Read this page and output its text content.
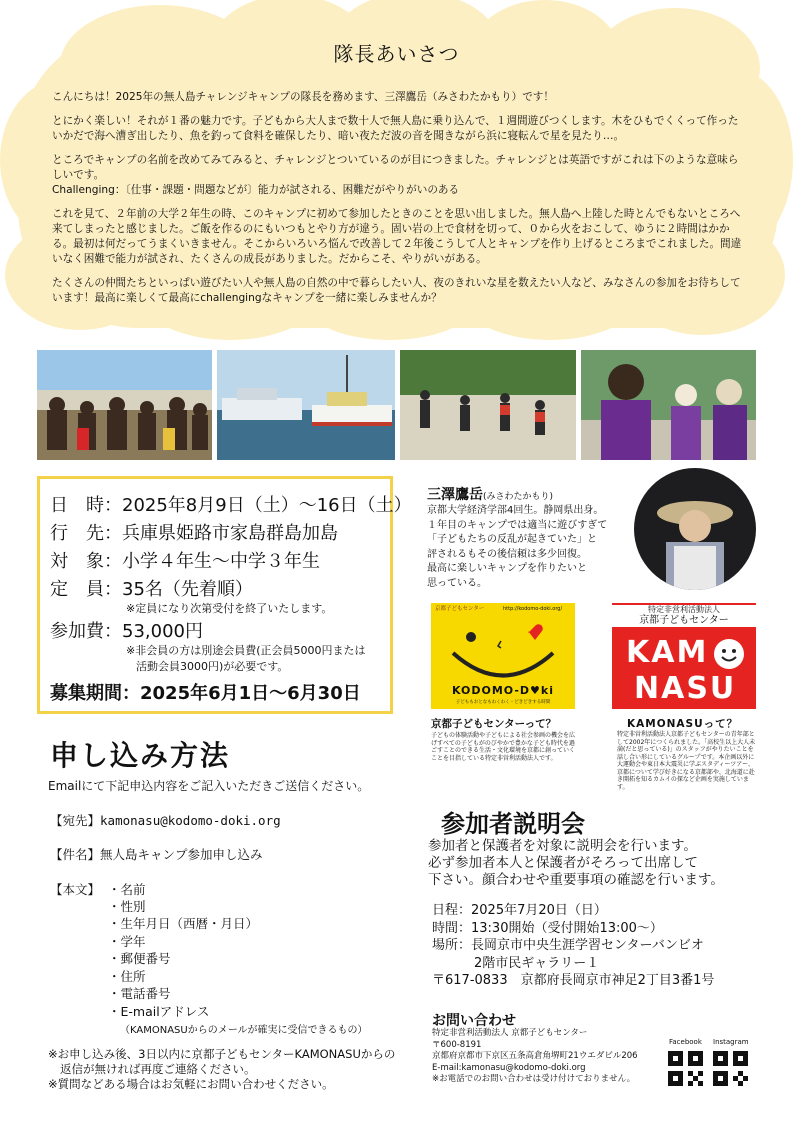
隊長あいさつ

こんにちは！2025年の無人島チャレンジキャンプの隊長を務めます、三澤鷹岳（みさわたかもり）です！

とにかく楽しい！それが１番の魅力です。子どもから大人まで数十人で無人島に乗り込んで、１週間遊びつくします。木をひもでくくって作ったいかだで海へ漕ぎ出したり、魚を釣って食料を確保したり、暗い夜ただ波の音を聞きながら浜に寝転んで星を見たり…。

ところでキャンプの名前を改めてみてみると、チャレンジとついているのが目につきました。チャレンジとは英語ですがこれは下のような意味らしいです。

Challenging：〔仕事・課題・問題などが〕能力が試される、困難だがやりがいのある

これを見て、２年前の大学２年生の時、このキャンプに初めて参加したときのことを思い出しました。無人島へ上陸した時とんでもないところへ来てしまったと感じました。ご飯を作るのにもいつもとやり方が違う。固い岩の上で食材を切って、０から火をおこして、ゆうに２時間はかかる。最初は何だってうまくいきません。そこからいろいろ悩んで改善して２年後こうして人とキャンプを作り上げるところまでこれました。間違いなく困難で能力が試され、たくさんの成長がありました。だからこそ、やりがいがある。

たくさんの仲間たちといっぱい遊びたい人や無人島の自然の中で暮らしたい人、夜のきれいな星を数えたい人など、みなさんの参加をお待ちしています！最高に楽しくて最高にchallengingなキャンプを一緒に楽しみませんか？

日　時：2025年8月9日（土）～16日（土）
行　先：兵庫県姫路市家島群島加島
対　象：小学４年生～中学３年生
定　員：35名（先着順）
※定員になり次第受付を終了いたします。
参加費：53,000円
※非会員の方は別途会員費(正会員5000円または
活動会員3000円)が必要です。
募集期間：2025年6月1日～6月30日
三澤鷹岳(みさわたかもり)
京都大学経済学部4回生。静岡県出身。
１年目のキャンプでは適当に遊びすぎて
「子どもたちの反乱が起きていた」と
評されるもその後信頼は多少回復。
最高に楽しいキャンプを作りたいと
思っている。
京都子どもセンター	http://kodomo-doki.org/
KODOMO-D♥ki
子どももおとなもわくわく・どきどきする時間
特定非営利活動法人
京都子どもセンター
KAM
NASU
京都子どもセンターって？
子どもの体験活動や子どもによる社会参画の機会を広げすべての子どもがのびやかで豊かな子ども時代を過ごすことのできる生活・文化環境を京都に創っていくことを目指している特定非営利活動法人です。
KAMONASUって？
特定非営利活動法人京都子どもセンターの青年部として2002年につくられました。「高校生以上大人未満(だと思っている)」のスタッフがやりたいことを話し合い形にしているグループです。本企画以外に大運動会や東日本大震災に学ぶスタディーツアー、京都について学び好きになる京都部や、北海道に赴き開拓を知るカムイの探など企画を実施しています。
申し込み方法
Emailにて下記申込内容をご記入いただきご送信ください。
【宛先】kamonasu@kodomo-doki.org
【件名】無人島キャンプ参加申し込み
【本文】 ・名前
・性別
・生年月日（西暦・月日）
・学年
・郵便番号
・住所
・電話番号
・E-mailアドレス
（KAMONASUからのメールが確実に受信できるもの）
※お申し込み後、3日以内に京都子どもセンターKAMONASUからの
返信が無ければ再度ご連絡ください。
※質問などある場合はお気軽にお問い合わせください。
参加者説明会
参加者と保護者を対象に説明会を行います。
必ず参加者本人と保護者がそろって出席して
下さい。顔合わせや重要事項の確認を行います。
日程：2025年7月20日（日）
時間：13:30開始（受付開始13:00～）
場所：長岡京市中央生涯学習センターバンビオ
2階市民ギャラリー１
〒617-0833　京都府長岡京市神足2丁目3番1号
お問い合わせ
特定非営利活動法人 京都子どもセンター
〒600-8191
京都府京都市下京区五条高倉角堺町21ウエダビル206
E-mail:kamonasu@kodomo-doki.org
※お電話でのお問い合わせは受け付けておりません。
Facebook Instagram
